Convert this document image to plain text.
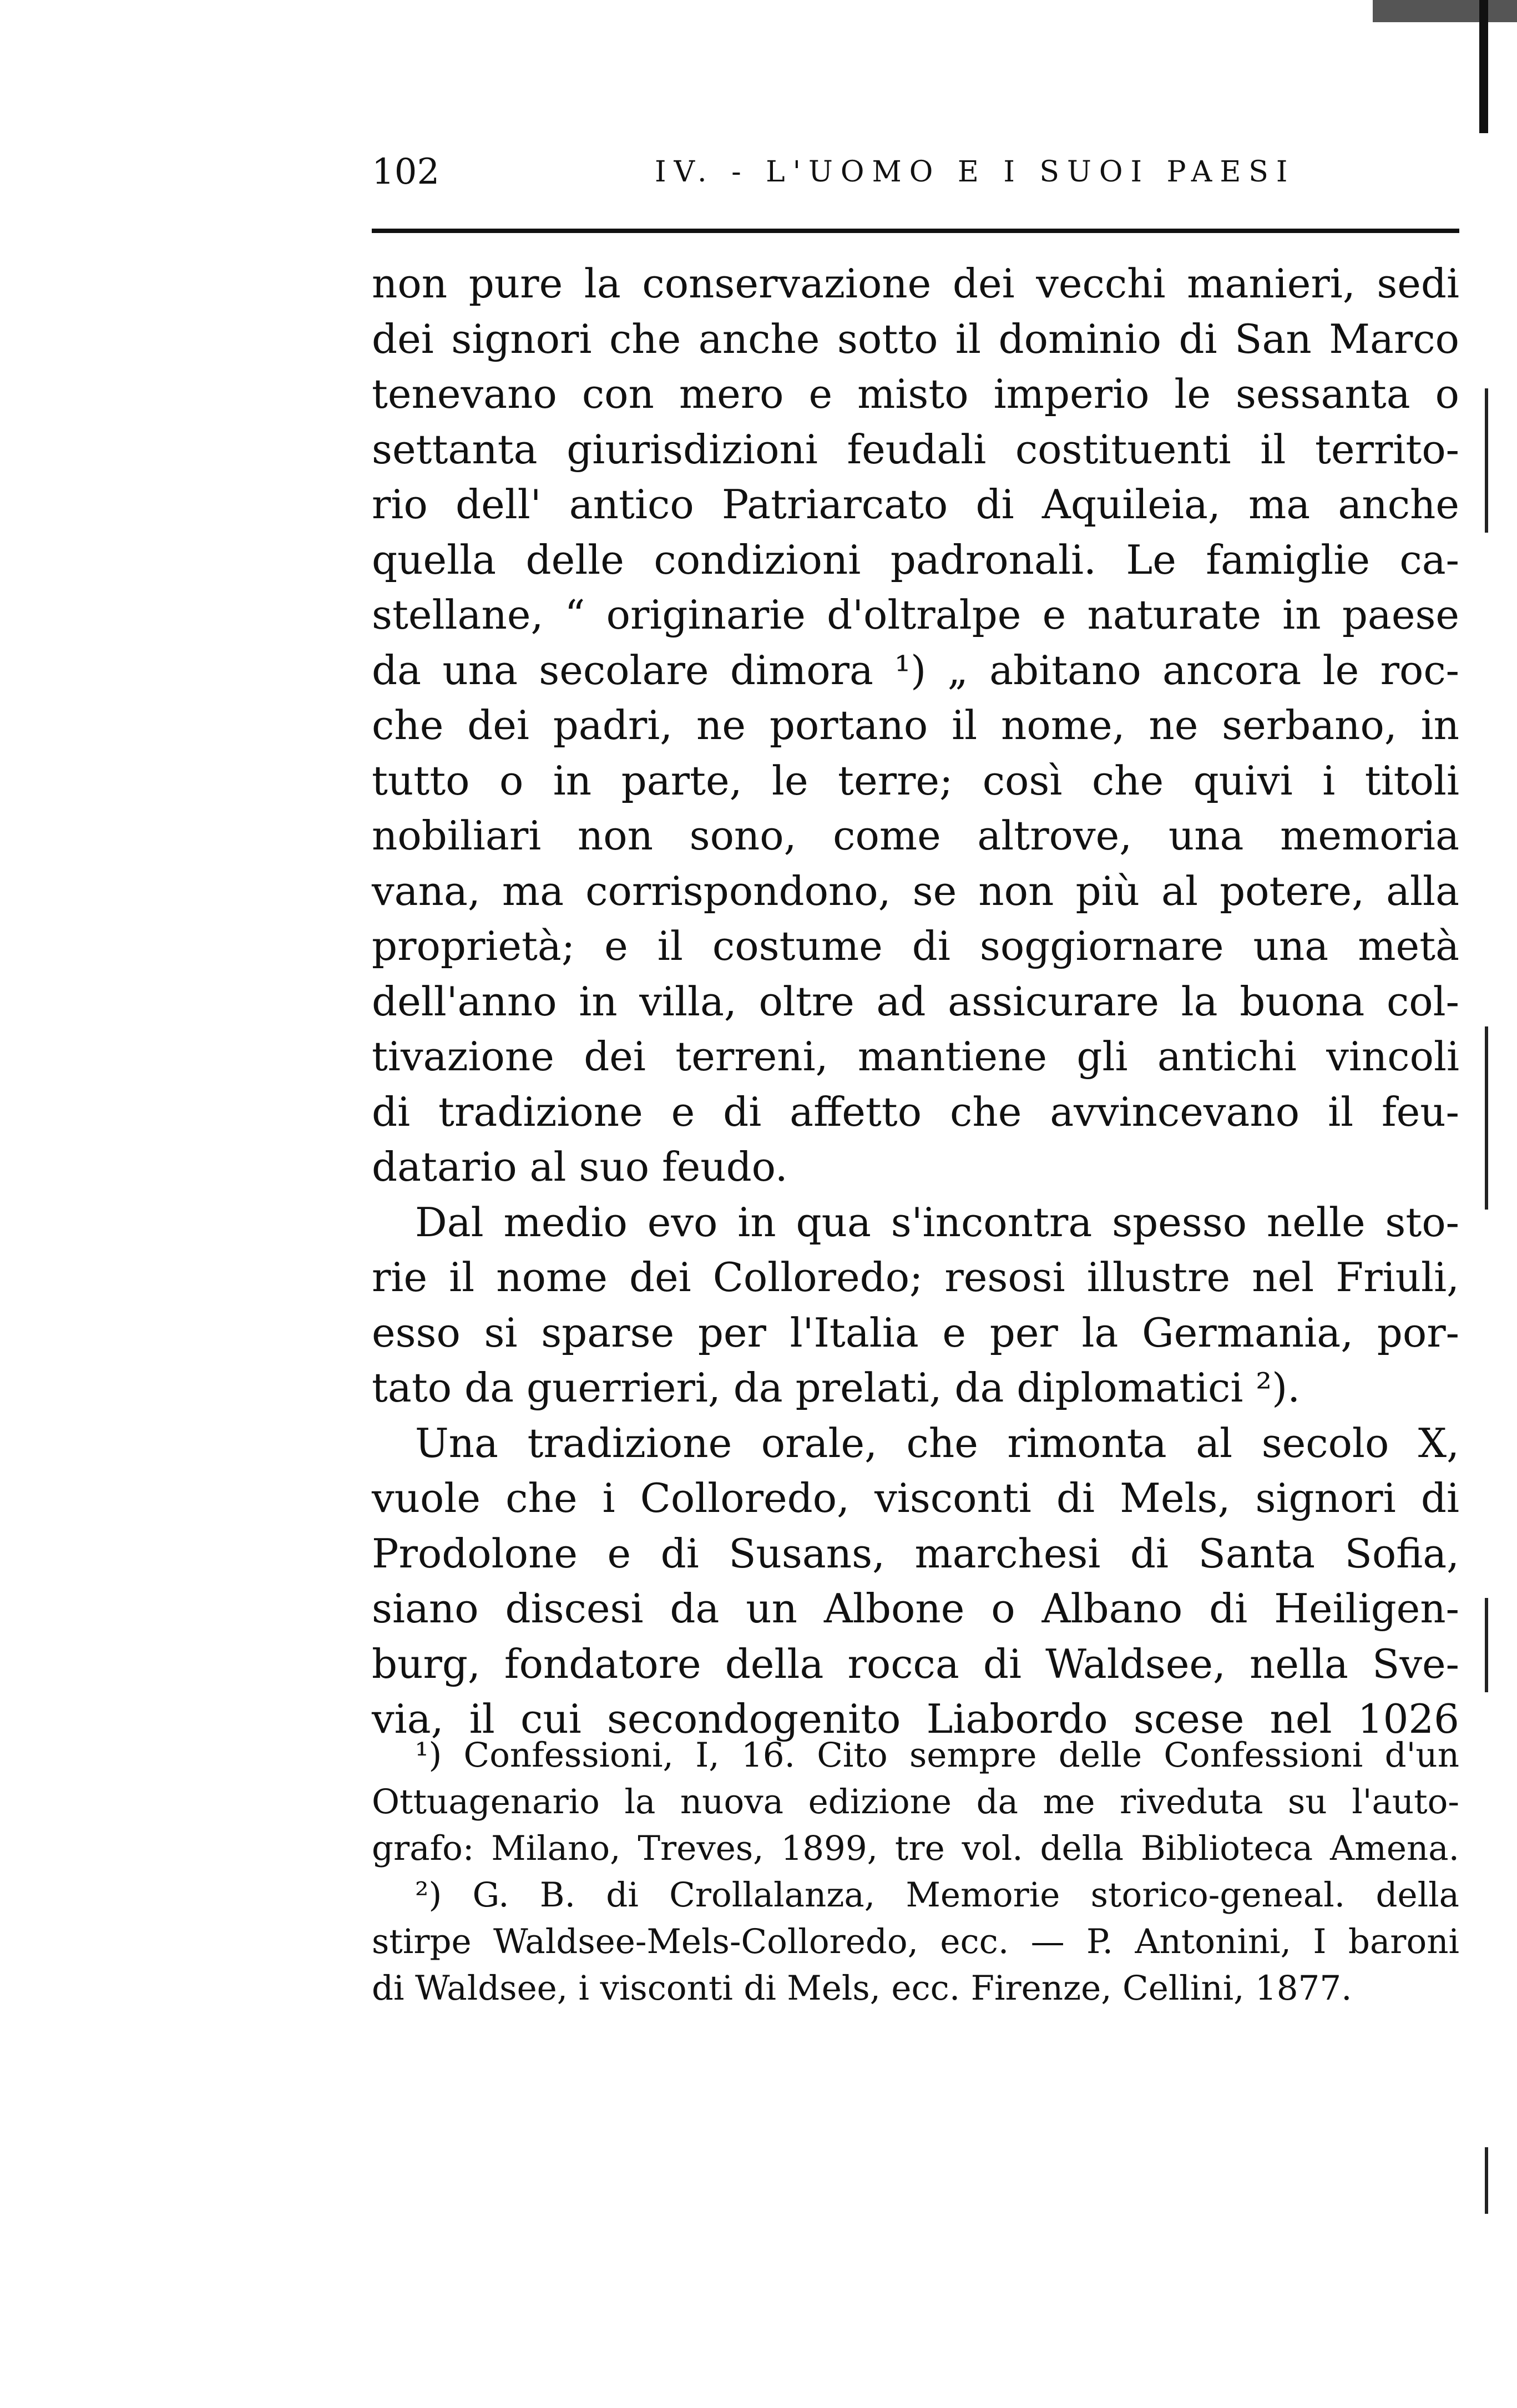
102	IV. - L'UOMO E I SUOI PAESI
non pure la conservazione dei vecchi manieri, sedi
dei signori che anche sotto il dominio di San Marco
tenevano con mero e misto imperio le sessanta o
settanta giurisdizioni feudali costituenti il territo-
rio dell' antico Patriarcato di Aquileia, ma anche
quella delle condizioni padronali. Le famiglie ca-
stellane, “ originarie d'oltralpe e naturate in paese
da una secolare dimora ¹) „ abitano ancora le roc-
che dei padri, ne portano il nome, ne serbano, in
tutto o in parte, le terre; così che quivi i titoli
nobiliari non sono, come altrove, una memoria
vana, ma corrispondono, se non più al potere, alla
proprietà; e il costume di soggiornare una metà
dell'anno in villa, oltre ad assicurare la buona col-
tivazione dei terreni, mantiene gli antichi vincoli
di tradizione e di affetto che avvincevano il feu-
datario al suo feudo.
Dal medio evo in qua s'incontra spesso nelle sto-
rie il nome dei Colloredo; resosi illustre nel Friuli,
esso si sparse per l'Italia e per la Germania, por-
tato da guerrieri, da prelati, da diplomatici ²).
Una tradizione orale, che rimonta al secolo X,
vuole che i Colloredo, visconti di Mels, signori di
Prodolone e di Susans, marchesi di Santa Sofia,
siano discesi da un Albone o Albano di Heiligen-
burg, fondatore della rocca di Waldsee, nella Sve-
via, il cui secondogenito Liabordo scese nel 1026
¹) Confessioni, I, 16. Cito sempre delle Confessioni d'un
Ottuagenario la nuova edizione da me riveduta su l'auto-
grafo: Milano, Treves, 1899, tre vol. della Biblioteca Amena.
²) G. B. di Crollalanza, Memorie storico-geneal. della
stirpe Waldsee-Mels-Colloredo, ecc. — P. Antonini, I baroni
di Waldsee, i visconti di Mels, ecc. Firenze, Cellini, 1877.
